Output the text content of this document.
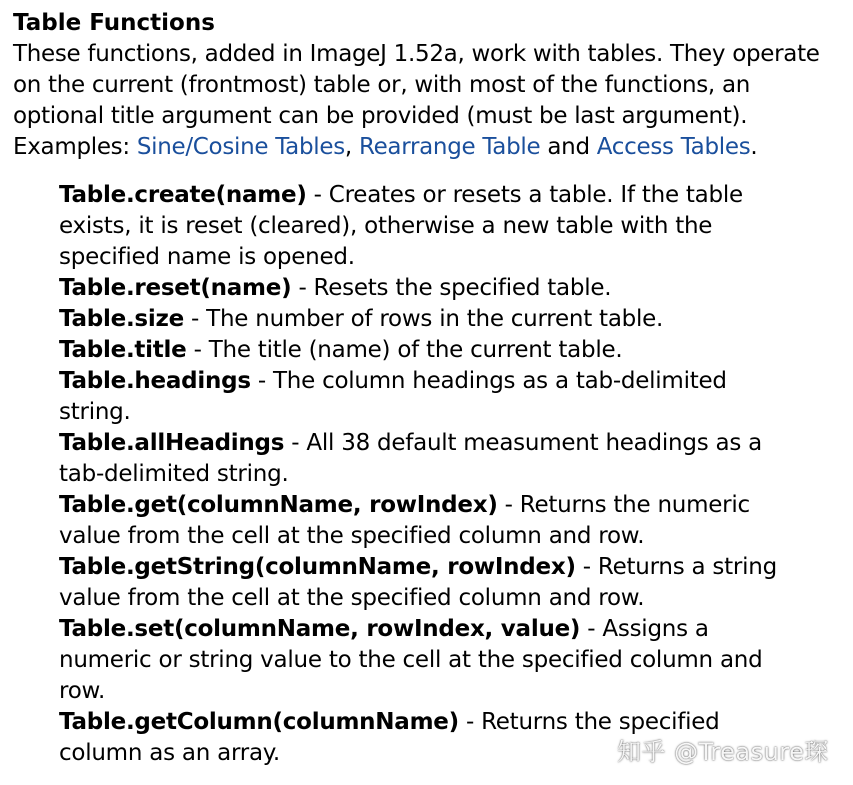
Table Functions

These functions, added in ImageJ 1.52a, work with tables. They operate on the current (frontmost) table or, with most of the functions, an optional title argument can be provided (must be last argument). Examples: Sine/Cosine Tables, Rearrange Table and Access Tables.

Table.create(name) - Creates or resets a table. If the table exists, it is reset (cleared), otherwise a new table with the specified name is opened.
Table.reset(name) - Resets the specified table.
Table.size - The number of rows in the current table.
Table.title - The title (name) of the current table.
Table.headings - The column headings as a tab-delimited string.
Table.allHeadings - All 38 default measument headings as a tab-delimited string.
Table.get(columnName, rowIndex) - Returns the numeric value from the cell at the specified column and row.
Table.getString(columnName, rowIndex) - Returns a string value from the cell at the specified column and row.
Table.set(columnName, rowIndex, value) - Assigns a numeric or string value to the cell at the specified column and row.
Table.getColumn(columnName) - Returns the specified column as an array.	知乎 @Treasure琛
